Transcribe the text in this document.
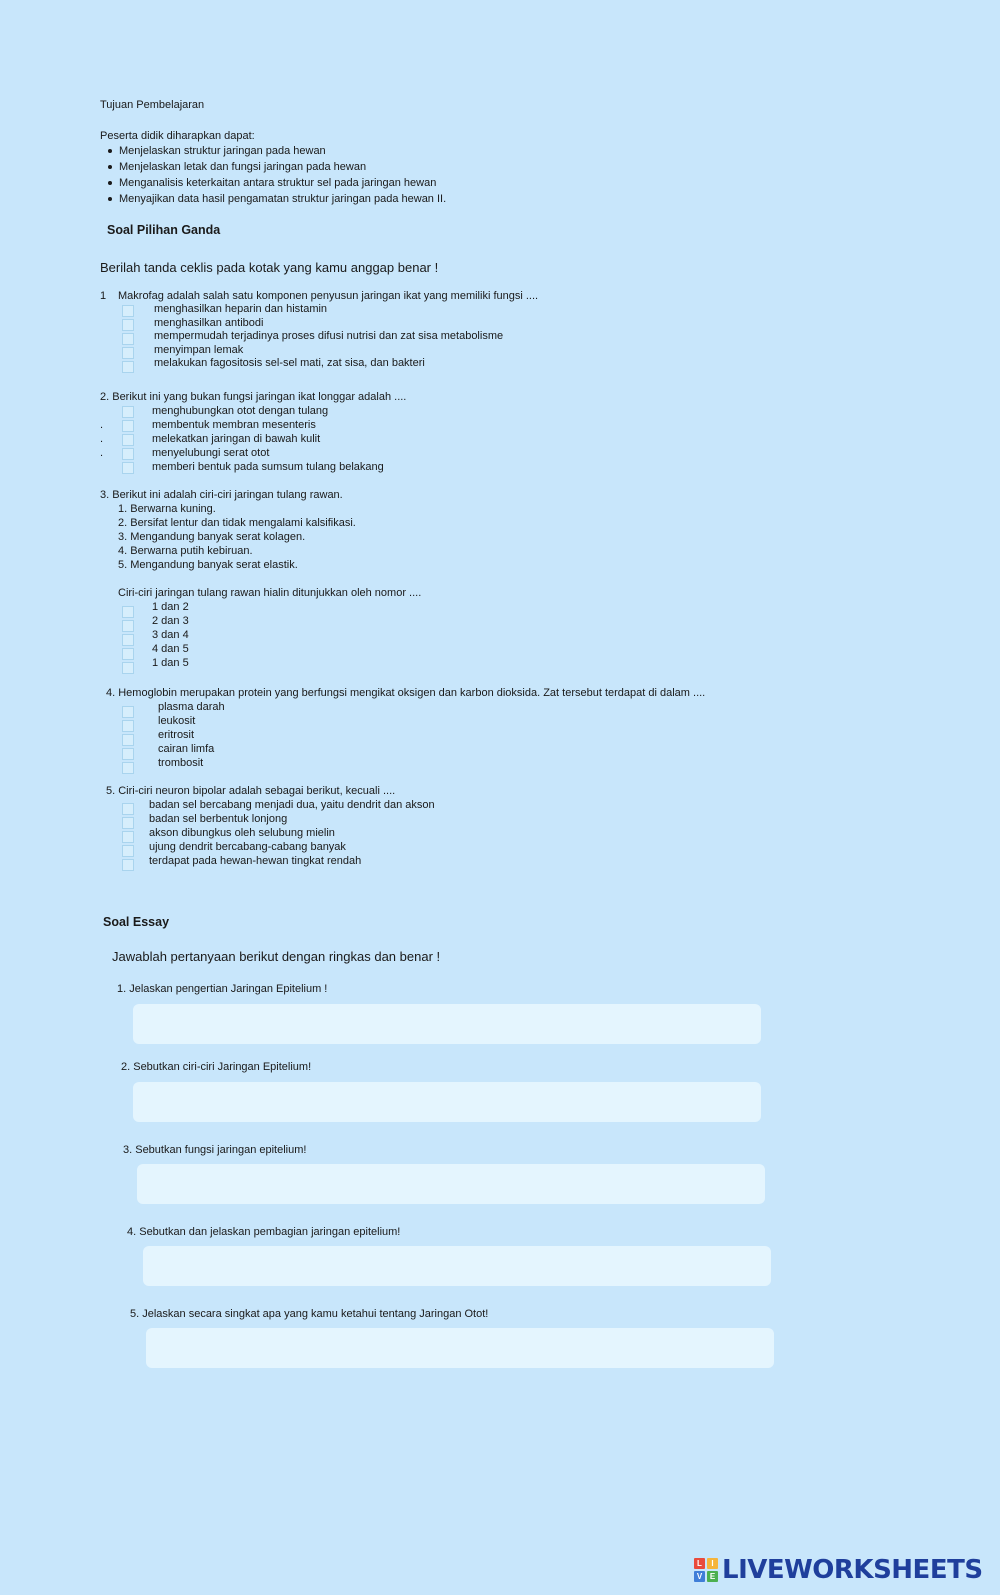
Tujuan Pembelajaran
Peserta didik diharapkan dapat:
Menjelaskan struktur jaringan pada hewan
Menjelaskan letak dan fungsi jaringan pada hewan
Menganalisis keterkaitan antara struktur sel pada jaringan hewan
Menyajikan data hasil pengamatan struktur jaringan pada hewan II.
Soal Pilihan Ganda
Berilah tanda ceklis pada kotak yang kamu anggap benar !
1 Makrofag adalah salah satu komponen penyusun jaringan ikat yang memiliki fungsi ....
menghasilkan heparin dan histamin
menghasilkan antibodi
mempermudah terjadinya proses difusi nutrisi dan zat sisa metabolisme
menyimpan lemak
melakukan fagositosis sel-sel mati, zat sisa, dan bakteri
2. Berikut ini yang bukan fungsi jaringan ikat longgar adalah ....
menghubungkan otot dengan tulang
.	membentuk membran mesenteris
.	melekatkan jaringan di bawah kulit
.	menyelubungi serat otot
memberi bentuk pada sumsum tulang belakang
3. Berikut ini adalah ciri-ciri jaringan tulang rawan.
1. Berwarna kuning.
2. Bersifat lentur dan tidak mengalami kalsifikasi.
3. Mengandung banyak serat kolagen.
4. Berwarna putih kebiruan.
5. Mengandung banyak serat elastik.
Ciri-ciri jaringan tulang rawan hialin ditunjukkan oleh nomor ....
1 dan 2
2 dan 3
3 dan 4
4 dan 5
1 dan 5
4. Hemoglobin merupakan protein yang berfungsi mengikat oksigen dan karbon dioksida. Zat tersebut terdapat di dalam ....
plasma darah
leukosit
eritrosit
cairan limfa
trombosit
5. Ciri-ciri neuron bipolar adalah sebagai berikut, kecuali ....
badan sel bercabang menjadi dua, yaitu dendrit dan akson
badan sel berbentuk lonjong
akson dibungkus oleh selubung mielin
ujung dendrit bercabang-cabang banyak
terdapat pada hewan-hewan tingkat rendah
Soal Essay
Jawablah pertanyaan berikut dengan ringkas dan benar !
1. Jelaskan pengertian Jaringan Epitelium !
2. Sebutkan ciri-ciri Jaringan Epitelium!
3. Sebutkan fungsi jaringan epitelium!
4. Sebutkan dan jelaskan pembagian jaringan epitelium!
5. Jelaskan secara singkat apa yang kamu ketahui tentang Jaringan Otot!
L	I
V E LIVEWORKSHEETS
